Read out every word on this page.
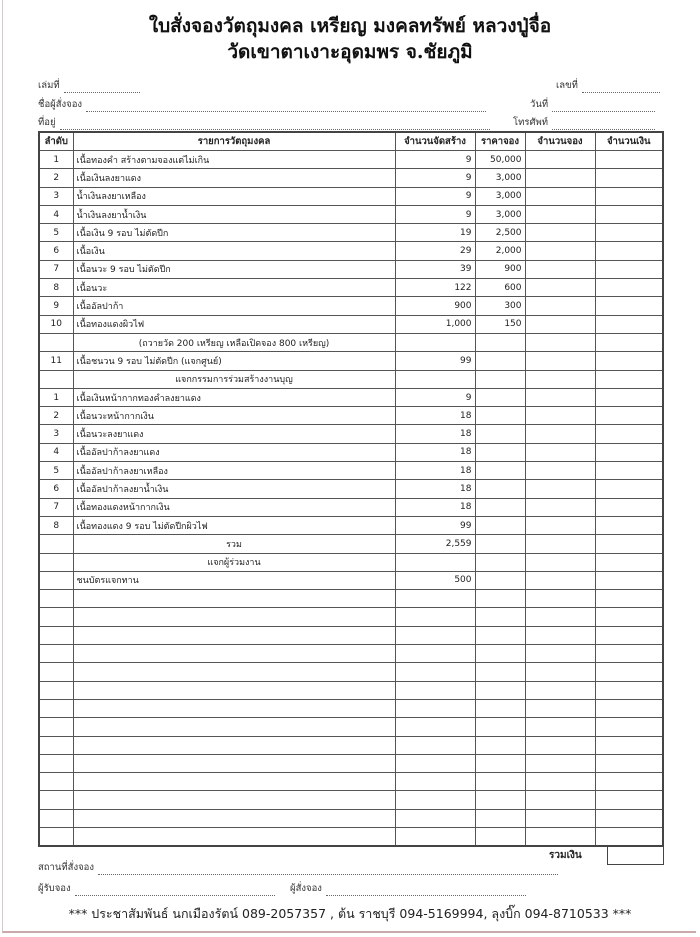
ใบสั่งจองวัตถุมงคล เหรียญ มงคลทรัพย์ หลวงปู่จื่อ
วัดเขาตาเงาะอุดมพร จ.ชัยภูมิ
เล่มที่	เลขที่
ชื่อผู้สั่งจอง	วันที่
ที่อยู่	โทรศัพท์
ลำดับ	รายการวัตถุมงคล	จำนวนจัดสร้าง	ราคาจอง	จำนวนจอง	จำนวนเงิน
1	เนื้อทองคำ สร้างตามจองแต่ไม่เกิน	9	50,000		
2	เนื้อเงินลงยาแดง	9	3,000		
3	น้ำเงินลงยาเหลือง	9	3,000		
4	น้ำเงินลงยาน้ำเงิน	9	3,000		
5	เนื้อเงิน 9 รอบ ไม่ตัดปีก	19	2,500		
6	เนื้อเงิน	29	2,000		
7	เนื้อนวะ 9 รอบ ไม่ตัดปีก	39	900		
8	เนื้อนวะ	122	600		
9	เนื้ออัลปาก้า	900	300		
10	เนื้อทองแดงผิวไฟ	1,000	150		
	(ถวายวัด 200 เหรียญ เหลือเปิดจอง 800 เหรียญ)				
11	เนื้อชนวน 9 รอบ ไม่ตัดปีก (แจกศูนย์)	99			
	แจกกรรมการร่วมสร้างงานบุญ				
1	เนื้อเงินหน้ากากทองคำลงยาแดง	9			
2	เนื้อนวะหน้ากากเงิน	18			
3	เนื้อนวะลงยาแดง	18			
4	เนื้ออัลปาก้าลงยาแดง	18			
5	เนื้ออัลปาก้าลงยาเหลือง	18			
6	เนื้ออัลปาก้าลงยาน้ำเงิน	18			
7	เนื้อทองแดงหน้ากากเงิน	18			
8	เนื้อทองแดง 9 รอบ ไม่ตัดปีกผิวไฟ	99			
	รวม	2,559			
	แจกผู้ร่วมงาน				
	ชนบัตรแจกทาน	500			

รวมเงิน
สถานที่สั่งจอง
ผู้รับจอง	ผู้สั่งจอง
*** ประชาสัมพันธ์ นกเมืองรัตน์ 089-2057357 , ต้น ราชบุรี 094-5169994, ลุงบิ๊ก 094-8710533 ***
